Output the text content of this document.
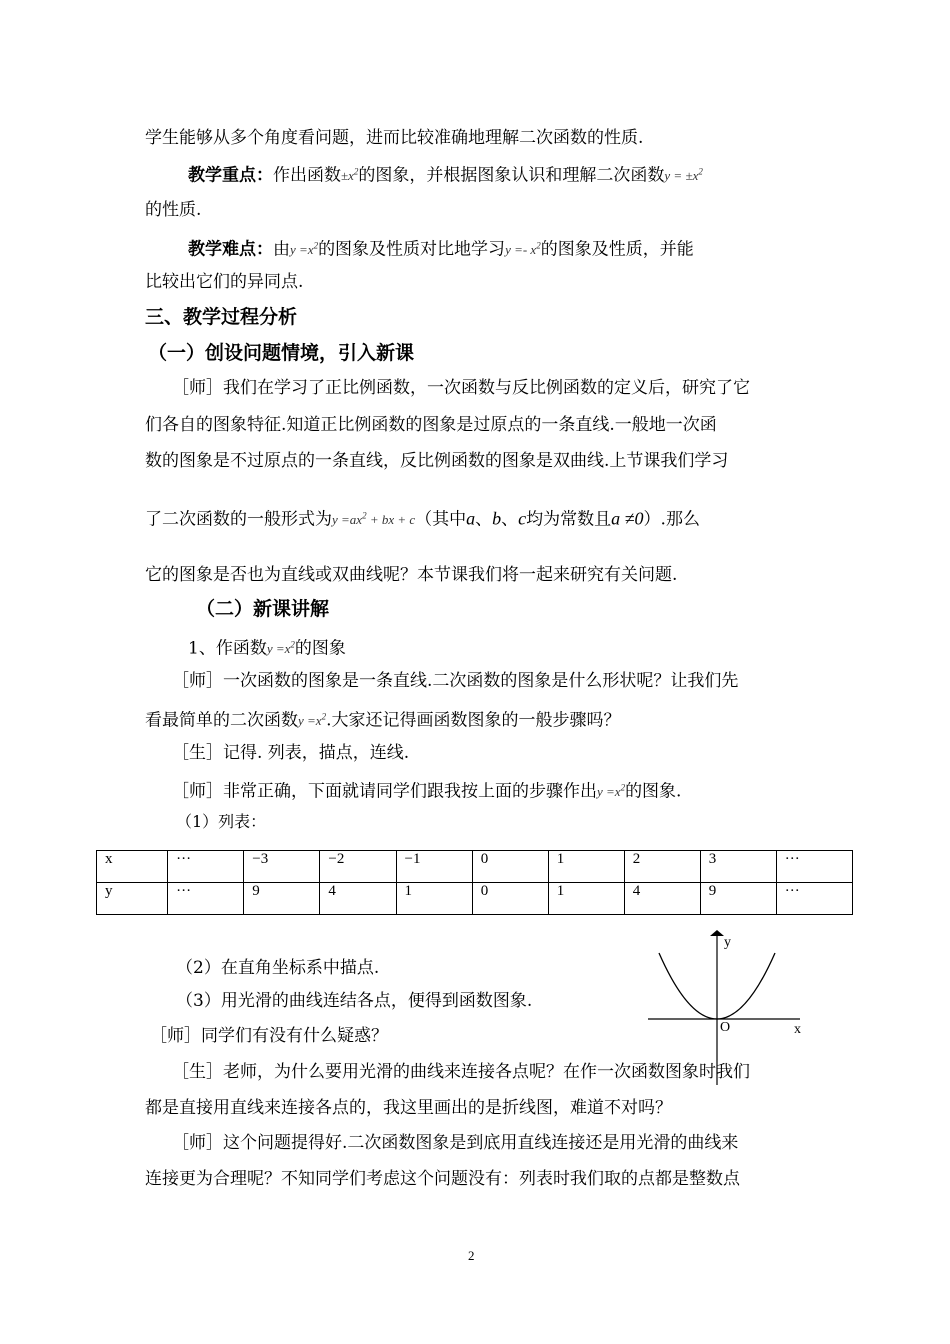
学生能够从多个角度看问题，进而比较准确地理解二次函数的性质.
教学重点：作出函数$\pm x^2$的图象，并根据图象认识和理解二次函数$y = \pm x^2$
的性质.
教学难点：由$y =x^2$的图象及性质对比地学习$y =- x^2$的图象及性质，并能
比较出它们的异同点.
三、教学过程分析
（一）创设问题情境，引入新课
［师］我们在学习了正比例函数，一次函数与反比例函数的定义后，研究了它
们各自的图象特征.知道正比例函数的图象是过原点的一条直线.一般地一次函
数的图象是不过原点的一条直线，反比例函数的图象是双曲线.上节课我们学习
了二次函数的一般形式为$y =ax^2$ + bx + c（其中a、b、c均为常数且a ≠0）.那么
它的图象是否也为直线或双曲线呢？本节课我们将一起来研究有关问题.
（二）新课讲解
1、作函数$y =x^2$的图象
［师］一次函数的图象是一条直线.二次函数的图象是什么形状呢？让我们先
看最简单的二次函数$y =x^2$.大家还记得画函数图象的一般步骤吗？
［生］记得. 列表，描点，连线.
［师］非常正确，下面就请同学们跟我按上面的步骤作出$y =x^2$的图象.
（1）列表：
x	···	−3	−2	−1	0	1	2	3	···
y	···	9	4	1	0	1	4	9	···
（2）在直角坐标系中描点.
（3）用光滑的曲线连结各点，便得到函数图象.
［师］同学们有没有什么疑惑？
［生］老师，为什么要用光滑的曲线来连接各点呢？在作一次函数图象时我们
都是直接用直线来连接各点的，我这里画出的是折线图，难道不对吗？
［师］这个问题提得好.二次函数图象是到底用直线连接还是用光滑的曲线来
连接更为合理呢？不知同学们考虑这个问题没有：列表时我们取的点都是整数点
y
x
O
2
